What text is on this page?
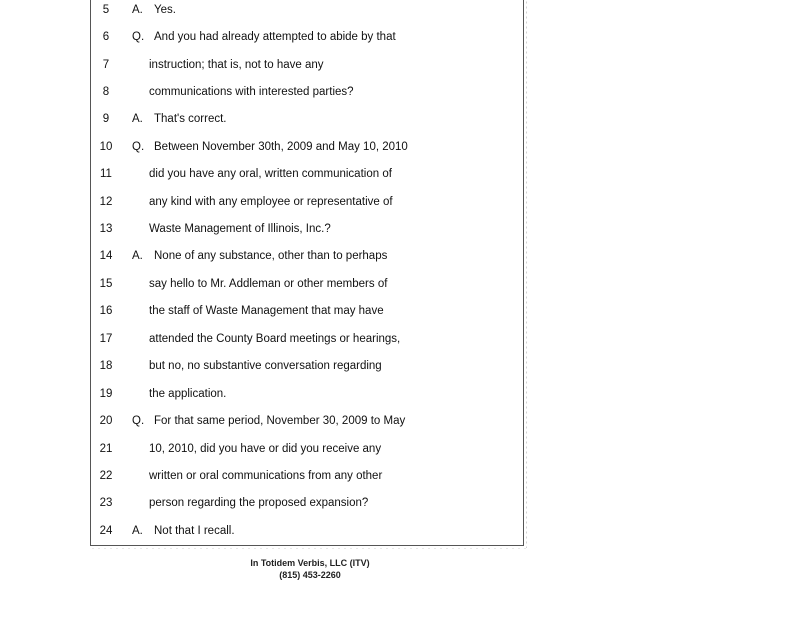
5	A. Yes.
6	Q. And you had already attempted to abide by that
7	instruction; that is, not to have any
8	communications with interested parties?
9	A. That's correct.
10	Q. Between November 30th, 2009 and May 10, 2010
11	did you have any oral, written communication of
12	any kind with any employee or representative of
13	Waste Management of Illinois, Inc.?
14	A. None of any substance, other than to perhaps
15	say hello to Mr. Addleman or other members of
16	the staff of Waste Management that may have
17	attended the County Board meetings or hearings,
18	but no, no substantive conversation regarding
19	the application.
20	Q. For that same period, November 30, 2009 to May
21	10, 2010, did you have or did you receive any
22	written or oral communications from any other
23	person regarding the proposed expansion?
24	A. Not that I recall.
In Totidem Verbis, LLC (ITV)
(815) 453-2260
